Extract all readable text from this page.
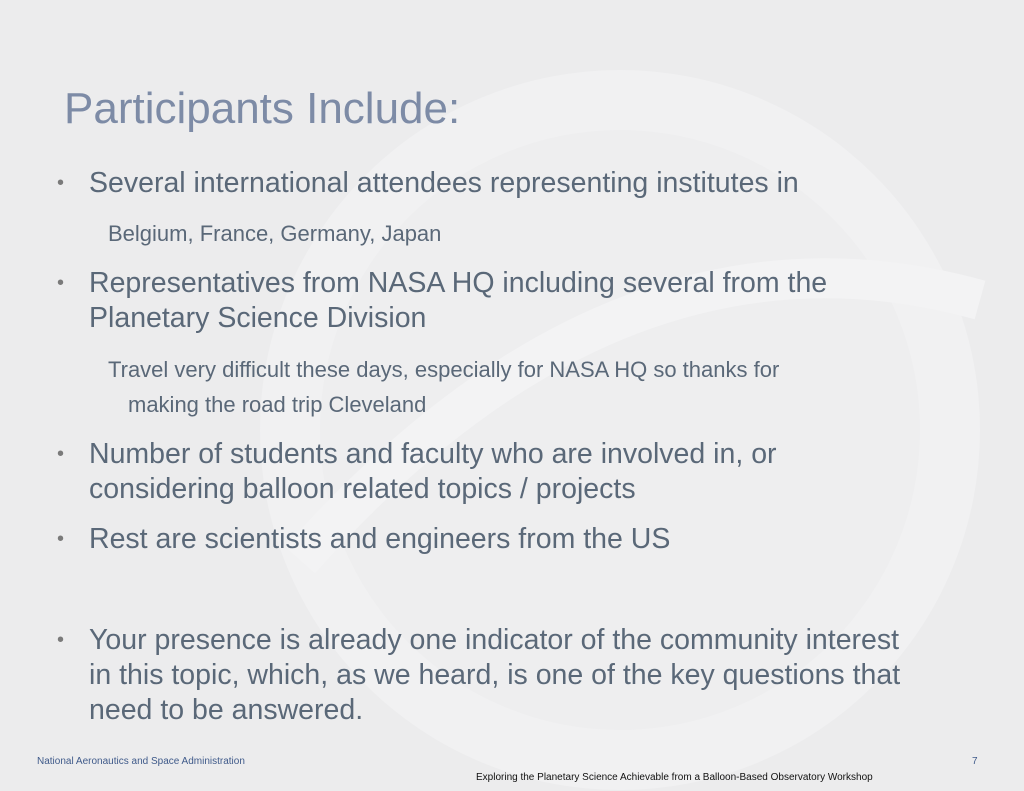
Participants Include:
• Several international attendees representing institutes in
Belgium, France, Germany, Japan
• Representatives from NASA HQ including several from the Planetary Science Division
Travel very difficult these days, especially for NASA HQ so thanks for
making the road trip Cleveland
• Number of students and faculty who are involved in, or considering balloon related topics / projects
• Rest are scientists and engineers from the US
• Your presence is already one indicator of the community interest in this topic, which, as we heard, is one of the key questions that need to be answered.
National Aeronautics and Space Administration	7
Exploring the Planetary Science Achievable from a Balloon-Based Observatory Workshop
